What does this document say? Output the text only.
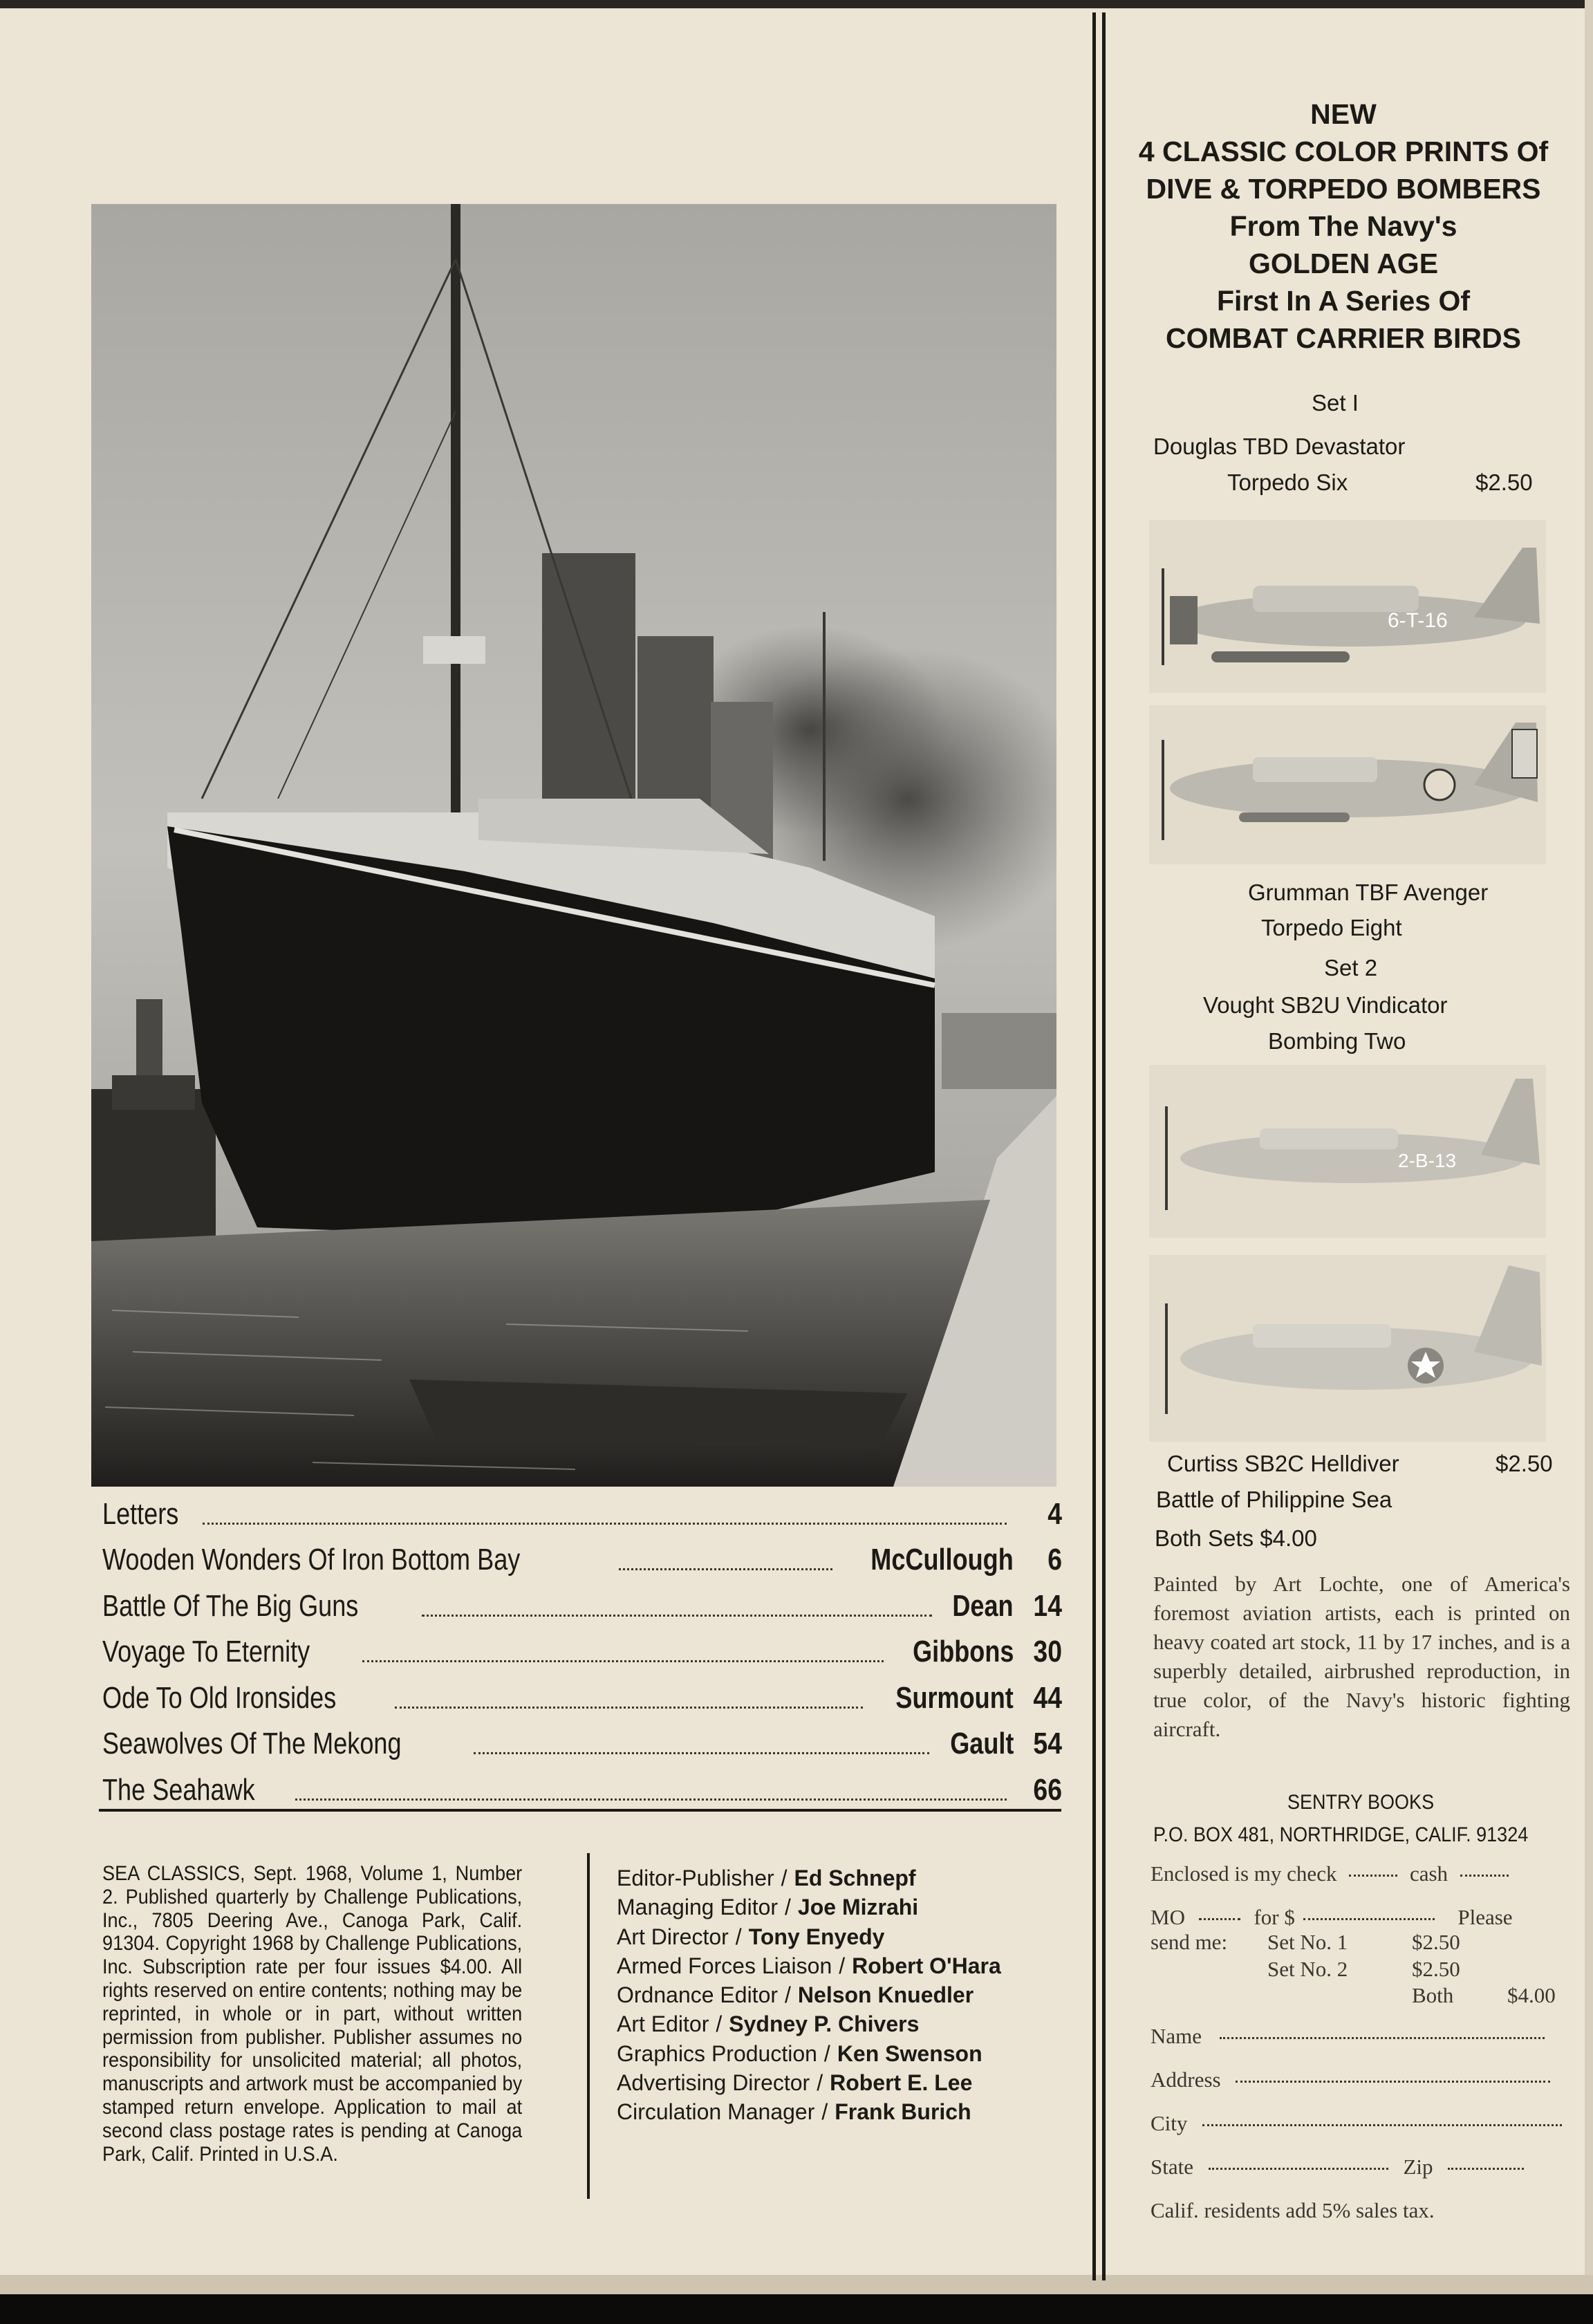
Letters	4
Wooden Wonders Of Iron Bottom Bay	McCullough	6
Battle Of The Big Guns	Dean 14
Voyage To Eternity	Gibbons 30
Ode To Old Ironsides	Surmount 44
Seawolves Of The Mekong	Gault 54
The Seahawk	66

SEA CLASSICS, Sept. 1968, Volume 1, Number 2. Published quarterly by Challenge Publications, Inc., 7805 Deering Ave., Canoga Park, Calif. 91304. Copyright 1968 by Challenge Publications, Inc. Subscription rate per four issues $4.00. All rights reserved on entire contents; nothing may be reprinted, in whole or in part, without written permission from publisher. Publisher assumes no responsibility for unsolicited material; all photos, manuscripts and artwork must be accompanied by stamped return envelope. Application to mail at second class postage rates is pending at Canoga Park, Calif. Printed in U.S.A.

Editor-Publisher / Ed Schnepf
Managing Editor / Joe Mizrahi
Art Director / Tony Enyedy
Armed Forces Liaison / Robert O'Hara
Ordnance Editor / Nelson Knuedler
Art Editor / Sydney P. Chivers
Graphics Production / Ken Swenson
Advertising Director / Robert E. Lee
Circulation Manager / Frank Burich
NEW
4 CLASSIC COLOR PRINTS Of
DIVE & TORPEDO BOMBERS
From The Navy's
GOLDEN AGE
First In A Series Of
COMBAT CARRIER BIRDS
Set I
Douglas TBD Devastator
Torpedo Six	$2.50
6-T-16
Grumman TBF Avenger
Torpedo Eight
Set 2
Vought SB2U Vindicator
Bombing Two
2-B-13
Curtiss SB2C Helldiver	$2.50
Battle of Philippine Sea
Both Sets $4.00

Painted by Art Lochte, one of America's foremost aviation artists, each is printed on heavy coated art stock, 11 by 17 inches, and is a superbly detailed, airbrushed reproduction, in true color, of the Navy's historic fighting aircraft.

SENTRY BOOKS
P.O. BOX 481, NORTHRIDGE, CALIF. 91324
Enclosed is my check	cash
MO	for $	Please
send me: Set No. 1	$2.50
Set No. 2	$2.50
Both	$4.00
Name
Address
City
State	Zip
Calif. residents add 5% sales tax.
